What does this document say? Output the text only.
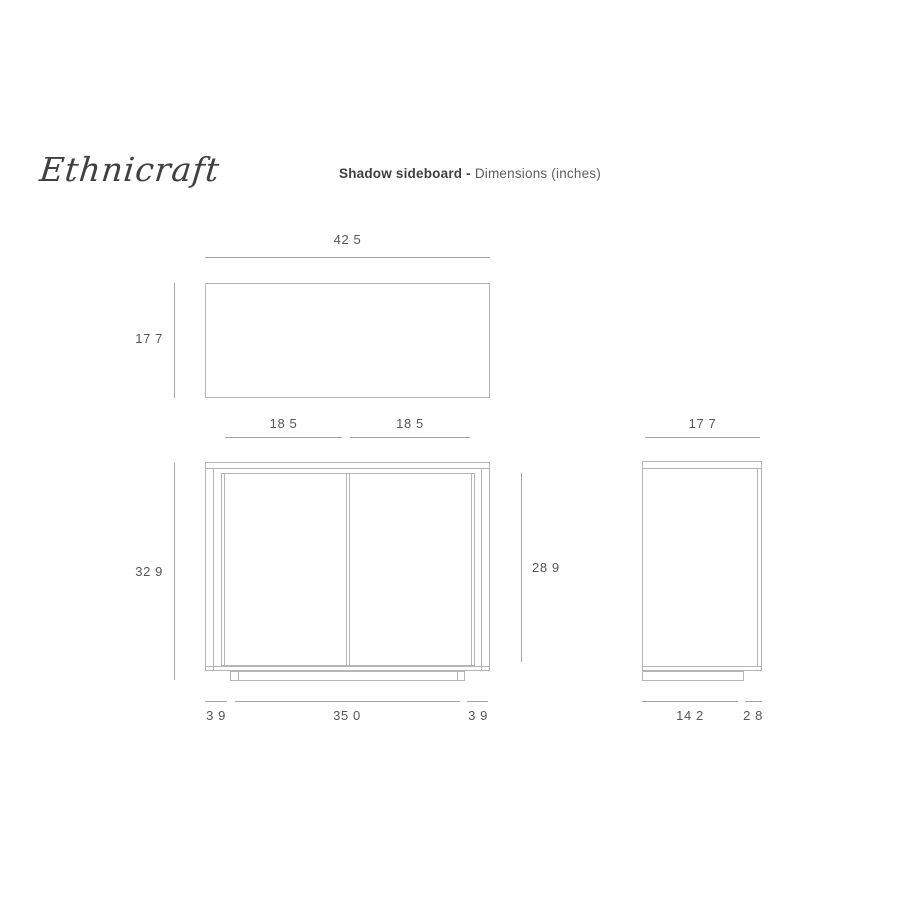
Ethnicraft	Shadow sideboard - Dimensions (inches)
42 5
17 7
18 5	18 5
32 9	28 9
3 9	35 0	3 9
17 7
14 2	2 8
